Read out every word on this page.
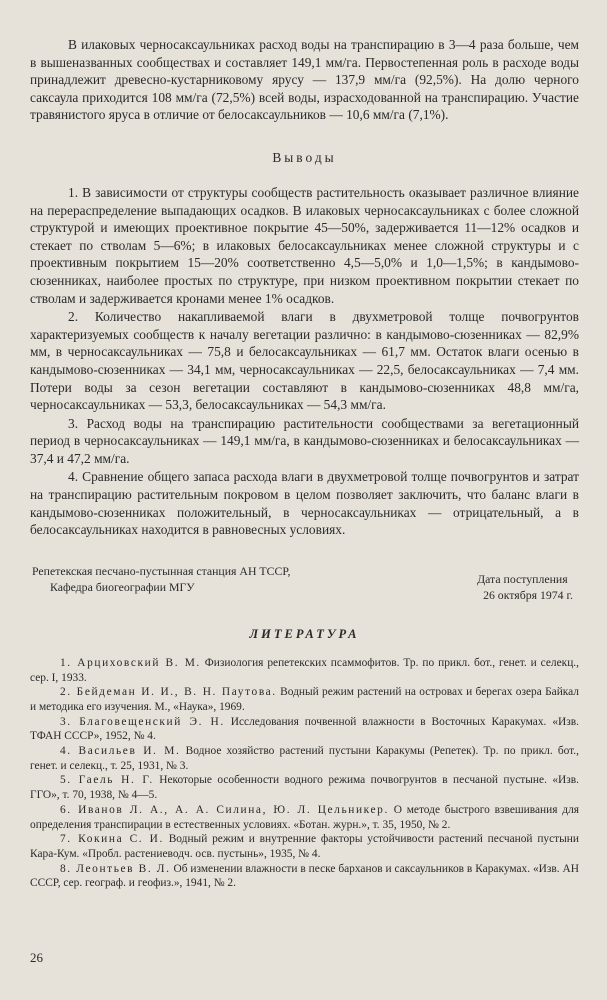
В илаковых черносаксаульниках расход воды на транспирацию в 3—4 раза больше, чем в вышеназванных сообществах и составляет 149,1 мм/га. Первостепенная роль в расходе воды принадлежит древесно-кустарниковому ярусу — 137,9 мм/га (92,5%). На долю черного саксаула приходится 108 мм/га (72,5%) всей воды, израсходованной на транспирацию. Участие травянистого яруса в отличие от белосаксаульников — 10,6 мм/га (7,1%).

Выводы

1. В зависимости от структуры сообществ растительность оказывает различное влияние на перераспределение выпадающих осадков. В илаковых черносаксаульниках с более сложной структурой и имеющих проективное покрытие 45—50%, задерживается 11—12% осадков и стекает по стволам 5—6%; в илаковых белосаксаульниках менее сложной структуры и с проективным покрытием 15—20% соответственно 4,5—5,0% и 1,0—1,5%; в кандымово-сюзенниках, наиболее простых по структуре, при низком проективном покрытии стекает по стволам и задерживается кронами менее 1% осадков.

2. Количество накапливаемой влаги в двухметровой толще почвогрунтов характеризуемых сообществ к началу вегетации различно: в кандымово-сюзенниках — 82,9% мм, в черносаксаульниках — 75,8 и белосаксаульниках — 61,7 мм. Остаток влаги осенью в кандымово-сюзенниках — 34,1 мм, черносаксаульниках — 22,5, белосаксаульниках — 7,4 мм. Потери воды за сезон вегетации составляют в кандымово-сюзенниках 48,8 мм/га, черносаксаульниках — 53,3, белосаксаульниках — 54,3 мм/га.

3. Расход воды на транспирацию растительности сообществами за вегетационный период в черносаксаульниках — 149,1 мм/га, в кандымово-сюзенниках и белосаксаульниках — 37,4 и 47,2 мм/га.

4. Сравнение общего запаса расхода влаги в двухметровой толще почвогрунтов и затрат на транспирацию растительным покровом в целом позволяет заключить, что баланс влаги в кандымово-сюзенниках положительный, в черносаксаульниках — отрицательный, а в белосаксаульниках находится в равновесных условиях.

Репетекская песчано-пустынная станция АН ТССР,
Кафедра биогеографии МГУ
Дата поступления
26 октября 1974 г.
ЛИТЕРАТУРА

1. Арциховский В. М. Физиология репетекских псаммофитов. Тр. по прикл. бот., генет. и селекц., сер. I, 1933.

2. Бейдеман И. И., В. Н. Паутова. Водный режим растений на островах и берегах озера Байкал и методика его изучения. М., «Наука», 1969.

3. Благовещенский Э. Н. Исследования почвенной влажности в Восточных Каракумах. «Изв. ТФАН СССР», 1952, № 4.

4. Васильев И. М. Водное хозяйство растений пустыни Каракумы (Репетек). Тр. по прикл. бот., генет. и селекц., т. 25, 1931, № 3.

5. Гаель Н. Г. Некоторые особенности водного режима почвогрунтов в песчаной пустыне. «Изв. ГГО», т. 70, 1938, № 4—5.

6. Иванов Л. А., А. А. Силина, Ю. Л. Цельникер. О методе быстрого взвешивания для определения транспирации в естественных условиях. «Ботан. журн.», т. 35, 1950, № 2.

7. Кокина С. И. Водный режим и внутренние факторы устойчивости растений песчаной пустыни Кара-Кум. «Пробл. растениеводч. осв. пустынь», 1935, № 4.

8. Леонтьев В. Л. Об изменении влажности в песке барханов и саксаульников в Каракумах. «Изв. АН СССР, сер. географ. и геофиз.», 1941, № 2.

26
